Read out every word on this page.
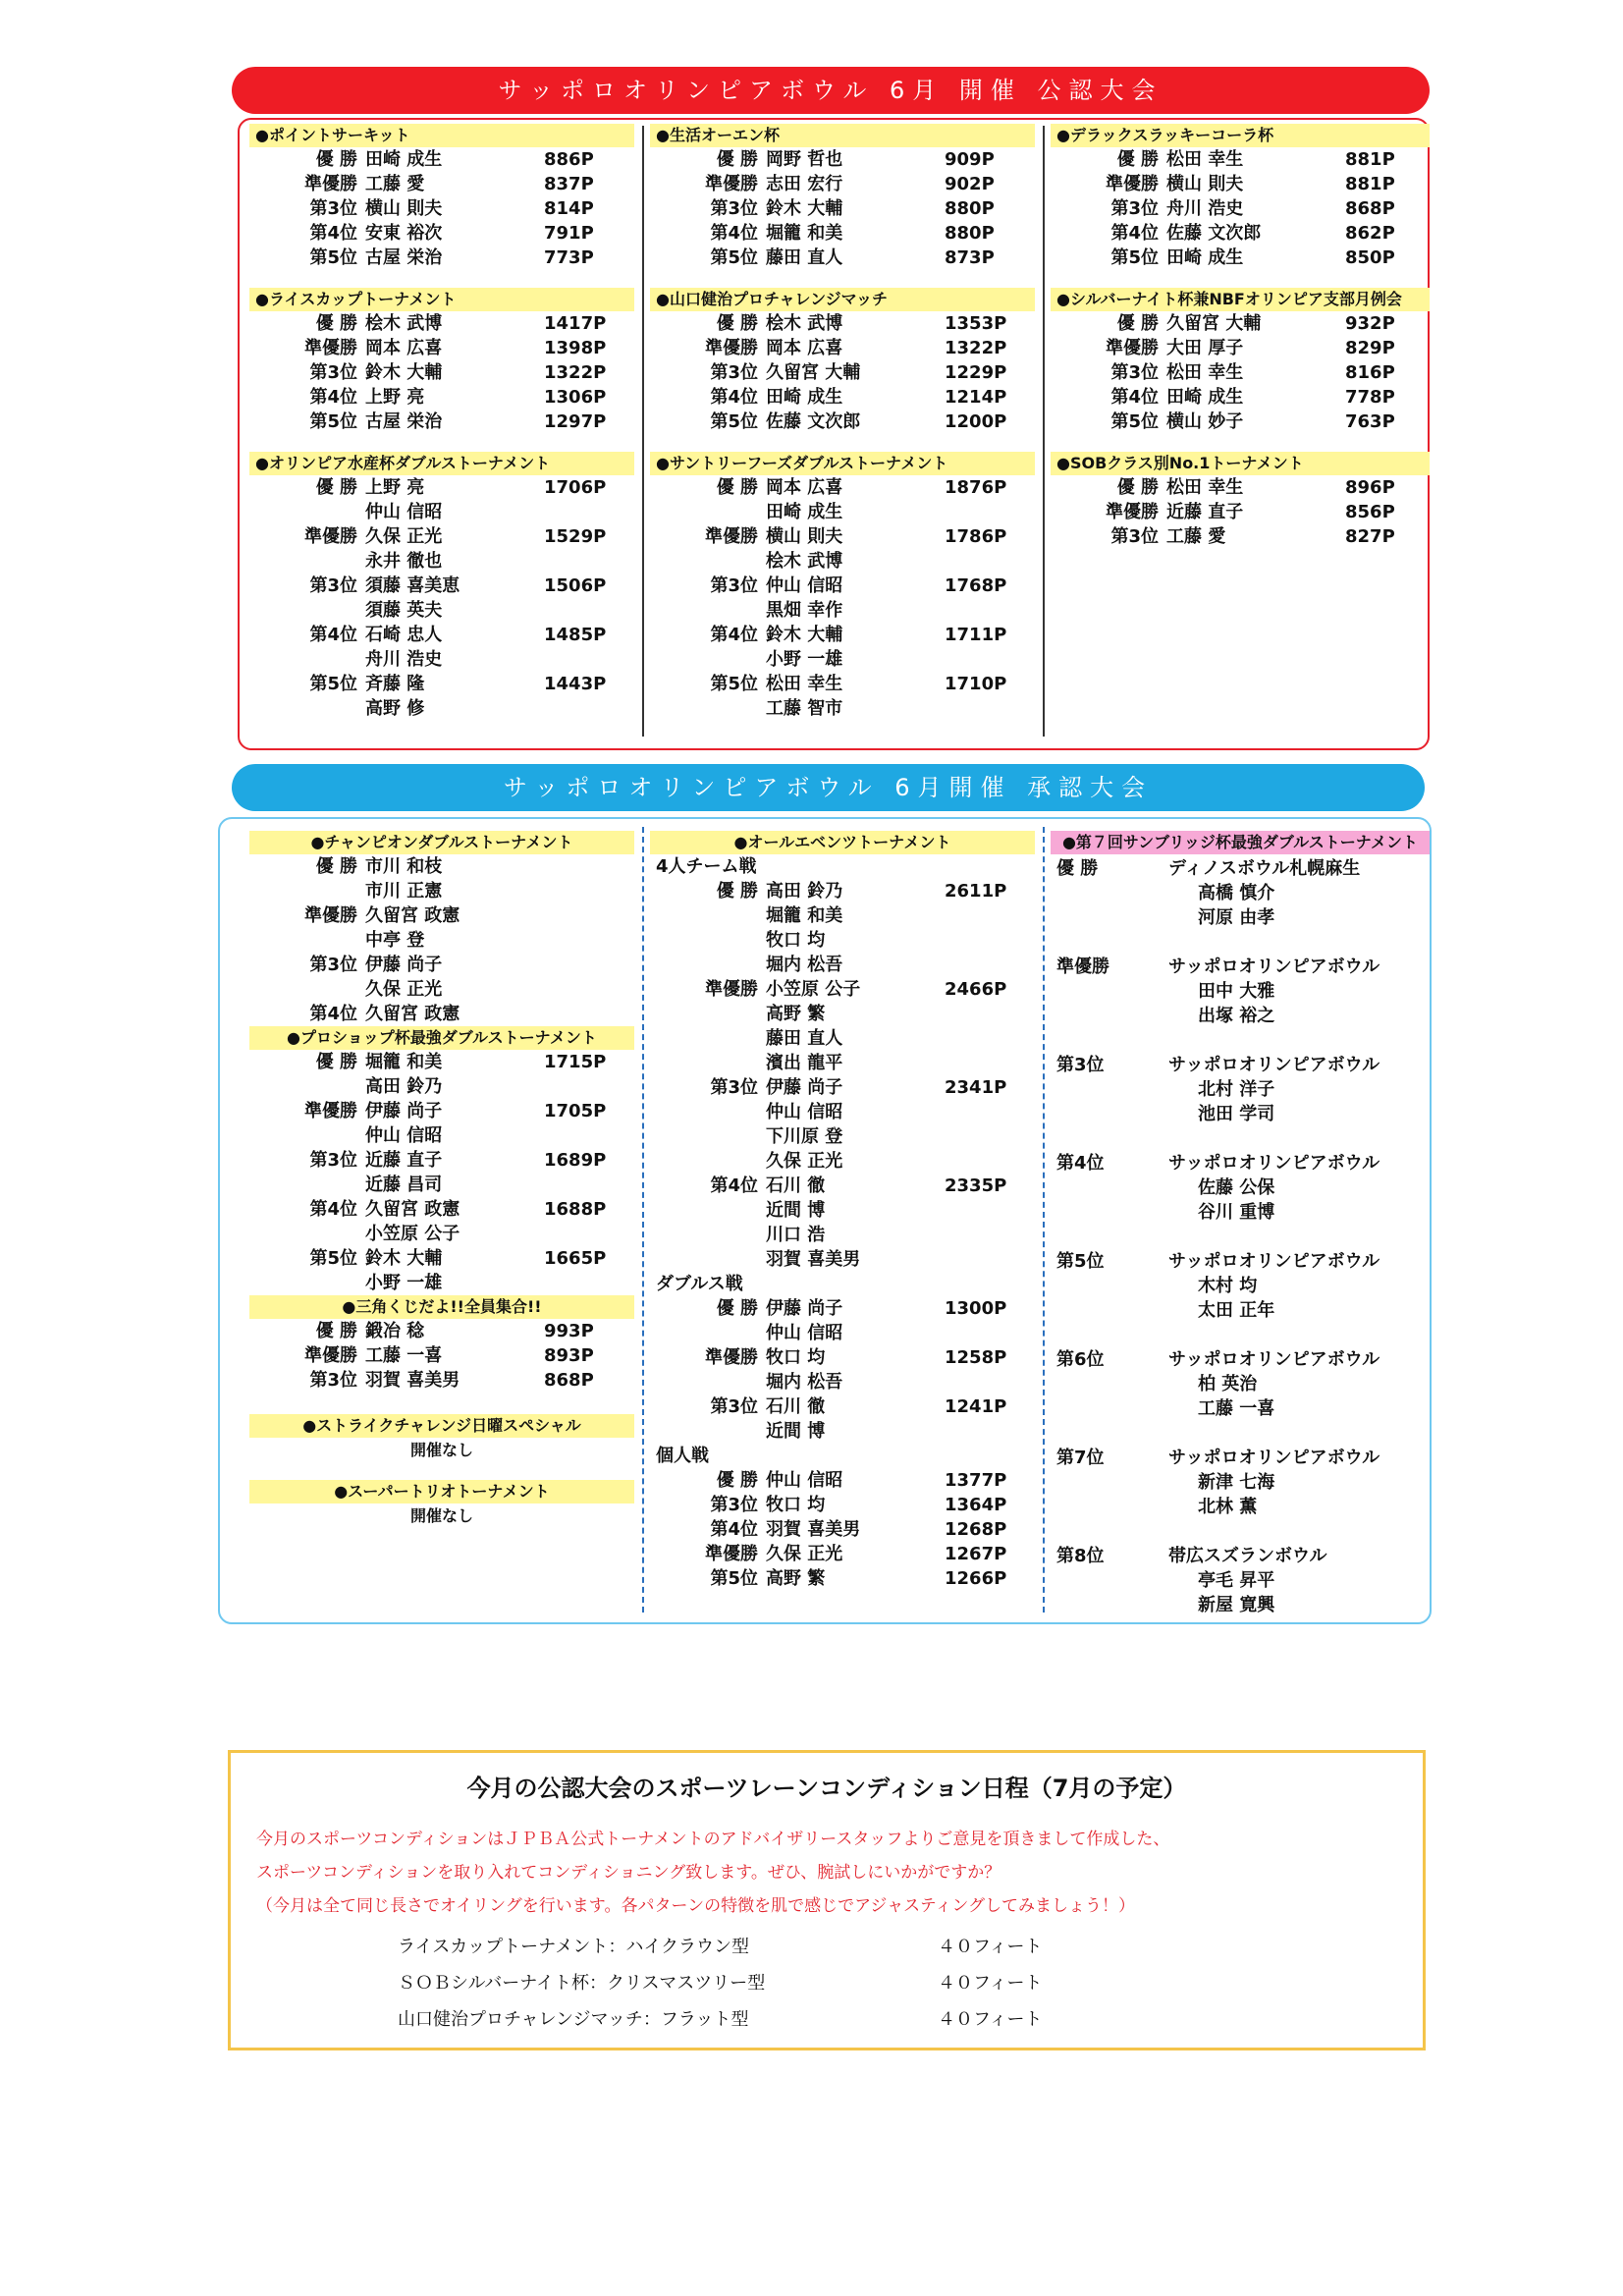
サッポロオリンピアボウル 6月 開催 公認大会
●ポイントサーキット
優 勝 田崎 成生	886P
準優勝 工藤 愛	837P
第3位 横山 則夫	814P
第4位 安東 裕次	791P
第5位 古屋 栄治	773P
●ライスカップトーナメント
優 勝 桧木 武博	1417P
準優勝 岡本 広喜	1398P
第3位 鈴木 大輔	1322P
第4位 上野 亮	1306P
第5位 古屋 栄治	1297P
●オリンピア水産杯ダブルストーナメント
優 勝 上野 亮	1706P
仲山 信昭
準優勝 久保 正光	1529P
永井 徹也
第3位 須藤 喜美恵	1506P
須藤 英夫
第4位 石崎 忠人	1485P
舟川 浩史
第5位 斉藤 隆	1443P
高野 修
●生活オーエン杯
優 勝 岡野 哲也	909P
準優勝 志田 宏行	902P
第3位 鈴木 大輔	880P
第4位 堀籠 和美	880P
第5位 藤田 直人	873P
●山口健治プロチャレンジマッチ
優 勝 桧木 武博	1353P
準優勝 岡本 広喜	1322P
第3位 久留宮 大輔	1229P
第4位 田崎 成生	1214P
第5位 佐藤 文次郎	1200P
●サントリーフーズダブルストーナメント
優 勝 岡本 広喜	1876P
田崎 成生
準優勝 横山 則夫	1786P
桧木 武博
第3位 仲山 信昭	1768P
黒畑 幸作
第4位 鈴木 大輔	1711P
小野 一雄
第5位 松田 幸生	1710P
工藤 智市
●デラックスラッキーコーラ杯
優 勝 松田 幸生	881P
準優勝 横山 則夫	881P
第3位 舟川 浩史	868P
第4位 佐藤 文次郎	862P
第5位 田崎 成生	850P
●シルバーナイト杯兼NBFオリンピア支部月例会
優 勝 久留宮 大輔	932P
準優勝 大田 厚子	829P
第3位 松田 幸生	816P
第4位 田崎 成生	778P
第5位 横山 妙子	763P
●SOBクラス別No.1トーナメント
優 勝 松田 幸生	896P
準優勝 近藤 直子	856P
第3位 工藤 愛	827P
サッポロオリンピアボウル 6月開催 承認大会
●チャンピオンダブルストーナメント
優 勝 市川 和枝
市川 正憲
準優勝 久留宮 政憲
中亭 登
第3位 伊藤 尚子
久保 正光
第4位 久留宮 政憲
●プロショップ杯最強ダブルストーナメント
優 勝 堀籠 和美	1715P
高田 鈴乃
準優勝 伊藤 尚子	1705P
仲山 信昭
第3位 近藤 直子	1689P
近藤 昌司
第4位 久留宮 政憲	1688P
小笠原 公子
第5位 鈴木 大輔	1665P
小野 一雄
●三角くじだよ!!全員集合!!
優 勝 鍛冶 稔	993P
準優勝 工藤 一喜	893P
第3位 羽賀 喜美男	868P
●ストライクチャレンジ日曜スペシャル
開催なし
●スーパートリオトーナメント
開催なし
●オールエベンツトーナメント
4人チーム戦
優 勝 高田 鈴乃	2611P
堀籠 和美
牧口 均
堀内 松吾
準優勝 小笠原 公子	2466P
高野 繁
藤田 直人
濱出 龍平
第3位 伊藤 尚子	2341P
仲山 信昭
下川原 登
久保 正光
第4位 石川 徹	2335P
近間 博
川口 浩
羽賀 喜美男
ダブルス戦
優 勝 伊藤 尚子	1300P
仲山 信昭
準優勝 牧口 均	1258P
堀内 松吾
第3位 石川 徹	1241P
近間 博
個人戦
優 勝 仲山 信昭	1377P
第3位 牧口 均	1364P
第4位 羽賀 喜美男	1268P
準優勝 久保 正光	1267P
第5位 高野 繁	1266P
●第７回サンブリッジ杯最強ダブルストーナメント
優 勝	ディノスボウル札幌麻生
高橋 慎介
河原 由孝
準優勝	サッポロオリンピアボウル
田中 大雅
出塚 裕之
第3位	サッポロオリンピアボウル
北村 洋子
池田 学司
第4位	サッポロオリンピアボウル
佐藤 公保
谷川 重博
第5位	サッポロオリンピアボウル
木村 均
太田 正年
第6位	サッポロオリンピアボウル
柏 英治
工藤 一喜
第7位	サッポロオリンピアボウル
新津 七海
北林 薫
第8位	帯広スズランボウル
亭毛 昇平
新屋 寛興
今月の公認大会のスポーツレーンコンディション日程（7月の予定）
今月のスポーツコンディションはＪＰＢＡ公式トーナメントのアドバイザリースタッフよりご意見を頂きまして作成した、
スポーツコンディションを取り入れてコンディショニング致します。ぜひ、腕試しにいかがですか？
（今月は全て同じ長さでオイリングを行います。各パターンの特徴を肌で感じでアジャスティングしてみましょう！）
ライスカップトーナメント：ハイクラウン型	４０フィート
ＳＯＢシルバーナイト杯：クリスマスツリー型	４０フィート
山口健治プロチャレンジマッチ：フラット型	４０フィート
